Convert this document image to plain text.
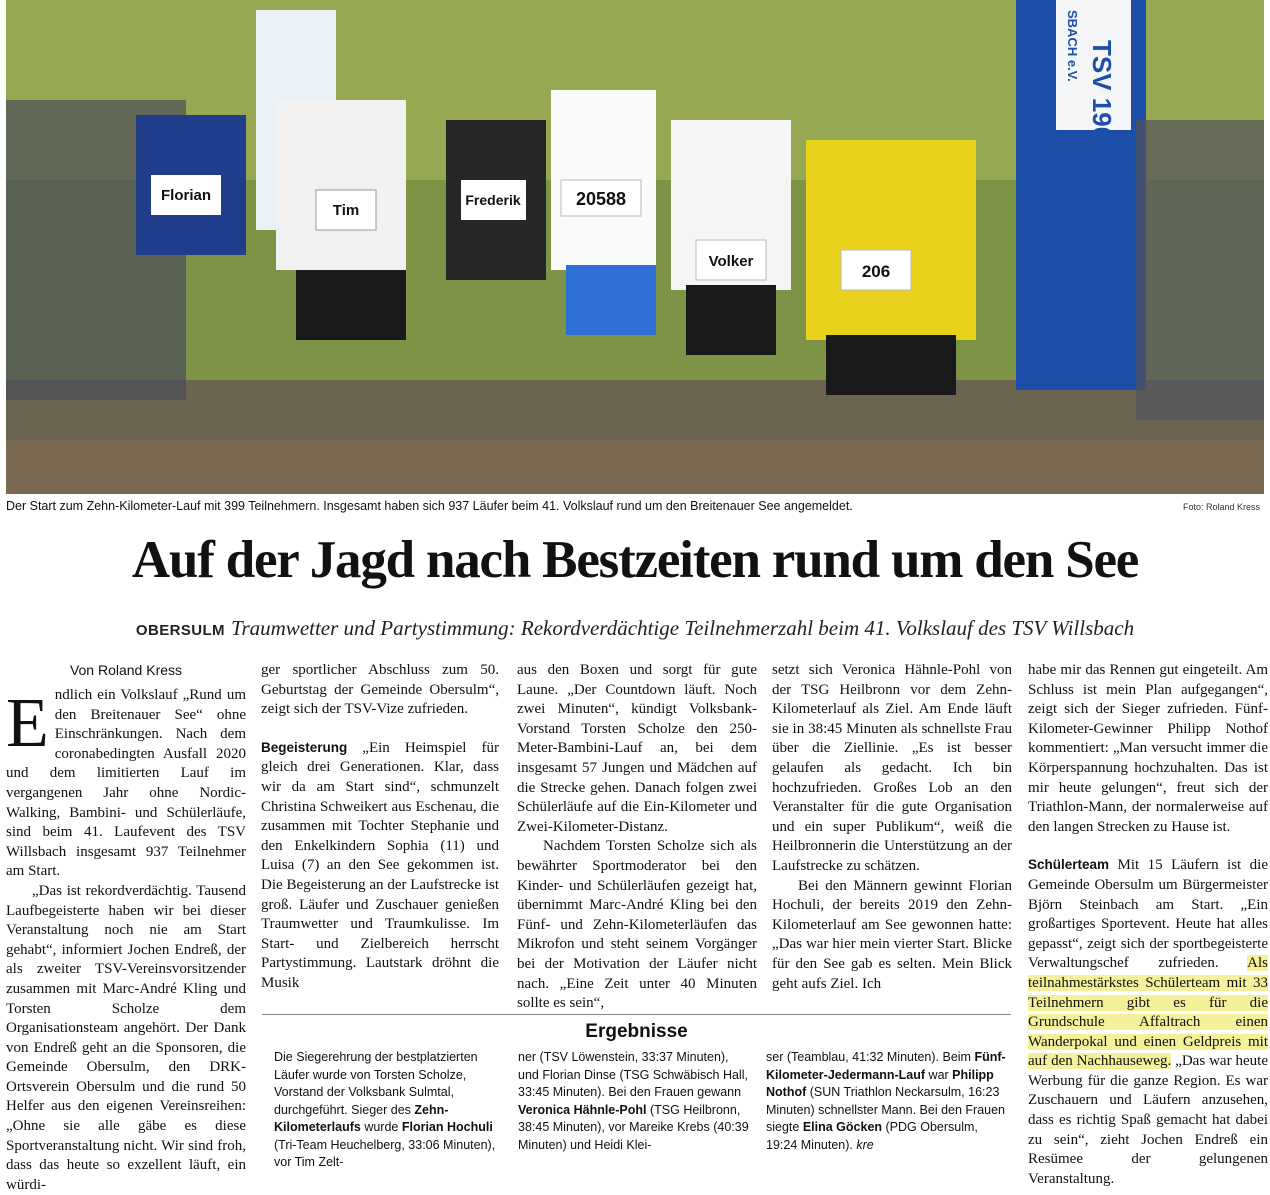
TSV 1907
SBACH e.V.
Florian
Tim
Frederik	20588
Volker
206
Der Start zum Zehn-Kilometer-Lauf mit 399 Teilnehmern. Insgesamt haben sich 937 Läufer beim 41. Volkslauf rund um den Breitenauer See angemeldet.	Foto: Roland Kress
Auf der Jagd nach Bestzeiten rund um den See
OBERSULM Traumwetter und Partystimmung: Rekordverdächtige Teilnehmerzahl beim 41. Volkslauf des TSV Willsbach
Von Roland Kress

Endlich ein Volkslauf „Rund um den Breitenauer See“ ohne Einschränkungen. Nach dem coronabedingten Ausfall 2020 und dem limitierten Lauf im vergangenen Jahr ohne Nordic-Walking, Bambini- und Schülerläufe, sind beim 41. Laufevent des TSV Willsbach insgesamt 937 Teilnehmer am Start.

„Das ist rekordverdächtig. Tausend Laufbegeisterte haben wir bei dieser Veranstaltung noch nie am Start gehabt“, informiert Jochen Endreß, der als zweiter TSV-Vereinsvorsitzender zusammen mit Marc-André Kling und Torsten Scholze dem Organisationsteam angehört. Der Dank von Endreß geht an die Sponsoren, die Gemeinde Obersulm, den DRK-Ortsverein Obersulm und die rund 50 Helfer aus den eigenen Vereinsreihen: „Ohne sie alle gäbe es diese Sportveranstaltung nicht. Wir sind froh, dass das heute so exzellent läuft, ein würdi-

ger sportlicher Abschluss zum 50. Geburtstag der Gemeinde Obersulm“, zeigt sich der TSV-Vize zufrieden.

Begeisterung „Ein Heimspiel für gleich drei Generationen. Klar, dass wir da am Start sind“, schmunzelt Christina Schweikert aus Eschenau, die zusammen mit Tochter Stephanie und den Enkelkindern Sophia (11) und Luisa (7) an den See gekommen ist. Die Begeisterung an der Laufstrecke ist groß. Läufer und Zuschauer genießen Traumwetter und Traumkulisse. Im Start- und Zielbereich herrscht Partystimmung. Lautstark dröhnt die Musik

aus den Boxen und sorgt für gute Laune. „Der Countdown läuft. Noch zwei Minuten“, kündigt Volksbank-Vorstand Torsten Scholze den 250-Meter-Bambini-Lauf an, bei dem insgesamt 57 Jungen und Mädchen auf die Strecke gehen. Danach folgen zwei Schülerläufe auf die Ein-Kilometer und Zwei-Kilometer-Distanz.

Nachdem Torsten Scholze sich als bewährter Sportmoderator bei den Kinder- und Schülerläufen gezeigt hat, übernimmt Marc-André Kling bei den Fünf- und Zehn-Kilometerläufen das Mikrofon und steht seinem Vorgänger bei der Motivation der Läufer nicht nach. „Eine Zeit unter 40 Minuten sollte es sein“,

setzt sich Veronica Hähnle-Pohl von der TSG Heilbronn vor dem Zehn-Kilometerlauf als Ziel. Am Ende läuft sie in 38:45 Minuten als schnellste Frau über die Ziellinie. „Es ist besser gelaufen als gedacht. Ich bin hochzufrieden. Großes Lob an den Veranstalter für die gute Organisation und ein super Publikum“, weiß die Heilbronnerin die Unterstützung an der Laufstrecke zu schätzen.

Bei den Männern gewinnt Florian Hochuli, der bereits 2019 den Zehn-Kilometerlauf am See gewonnen hatte: „Das war hier mein vierter Start. Blicke für den See gab es selten. Mein Blick geht aufs Ziel. Ich

habe mir das Rennen gut eingeteilt. Am Schluss ist mein Plan aufgegangen“, zeigt sich der Sieger zufrieden. Fünf-Kilometer-Gewinner Philipp Nothof kommentiert: „Man versucht immer die Körperspannung hochzuhalten. Das ist mir heute gelungen“, freut sich der Triathlon-Mann, der normalerweise auf den langen Strecken zu Hause ist.

Schülerteam Mit 15 Läufern ist die Gemeinde Obersulm um Bürgermeister Björn Steinbach am Start. „Ein großartiges Sportevent. Heute hat alles gepasst“, zeigt sich der sportbegeisterte Verwaltungschef zufrieden. Als teilnahmestärkstes Schülerteam mit 33 Teilnehmern gibt es für die Grundschule Affaltrach einen Wanderpokal und einen Geldpreis mit auf den Nachhauseweg. „Das war heute Werbung für die ganze Region. Es war Zuschauern und Läufern anzusehen, dass es richtig Spaß gemacht hat dabei zu sein“, zieht Jochen Endreß ein Resümee der gelungenen Veranstaltung.

Ergebnisse
Die Siegerehrung der bestplatzierten Läufer wurde von Torsten Scholze, Vorstand der Volksbank Sulmtal, durchgeführt. Sieger des Zehn-Kilometerlaufs wurde Florian Hochuli (Tri-Team Heuchelberg, 33:06 Minuten), vor Tim Zelt-
ner (TSV Löwenstein, 33:37 Minuten), und Florian Dinse (TSG Schwäbisch Hall, 33:45 Minuten). Bei den Frauen gewann Veronica Hähnle-Pohl (TSG Heilbronn, 38:45 Minuten), vor Mareike Krebs (40:39 Minuten) und Heidi Klei-
ser (Teamblau, 41:32 Minuten). Beim Fünf-Kilometer-Jedermann-Lauf war Philipp Nothof (SUN Triathlon Neckarsulm, 16:23 Minuten) schnellster Mann. Bei den Frauen siegte Elina Göcken (PDG Obersulm, 19:24 Minuten). kre
